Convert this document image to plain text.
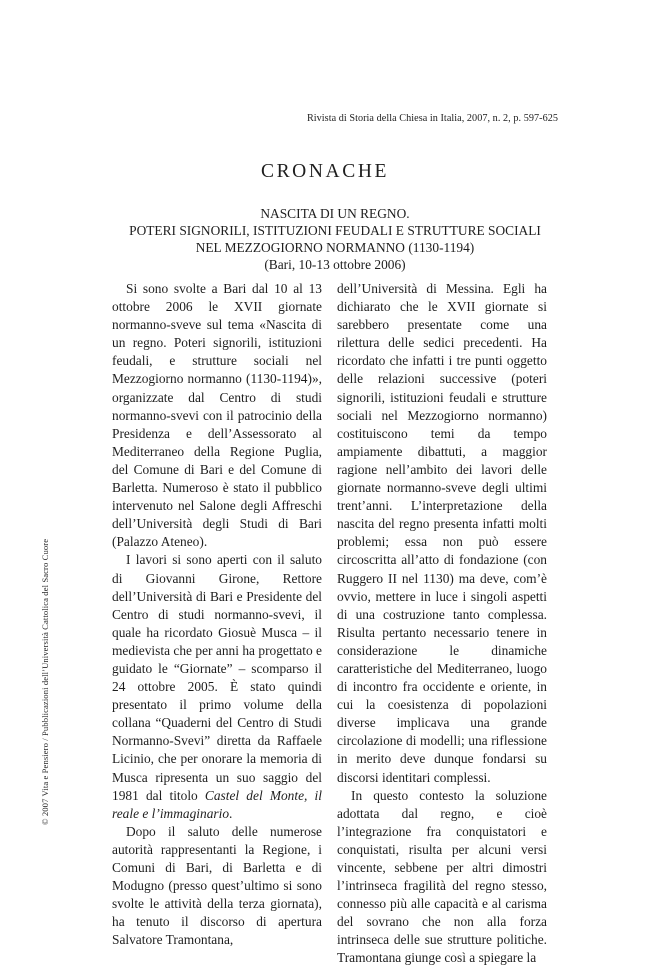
Rivista di Storia della Chiesa in Italia, 2007, n. 2, p. 597-625
CRONACHE
NASCITA DI UN REGNO.
POTERI SIGNORILI, ISTITUZIONI FEUDALI E STRUTTURE SOCIALI
NEL MEZZOGIORNO NORMANNO (1130-1194)
(Bari, 10-13 ottobre 2006)

Si sono svolte a Bari dal 10 al 13 ottobre 2006 le XVII giornate normanno-sveve sul tema «Nascita di un regno. Poteri signorili, istituzioni feudali, e strutture sociali nel Mezzogiorno normanno (1130-1194)», organizzate dal Centro di studi normanno-svevi con il patrocinio della Presidenza e dell’Assessorato al Mediterraneo della Regione Puglia, del Comune di Bari e del Comune di Barletta. Numeroso è stato il pubblico intervenuto nel Salone degli Affreschi dell’Università degli Studi di Bari (Palazzo Ateneo).

I lavori si sono aperti con il saluto di Giovanni Girone, Rettore dell’Università di Bari e Presidente del Centro di studi normanno-svevi, il quale ha ricordato Giosuè Musca – il medievista che per anni ha progettato e guidato le “Giornate” – scomparso il 24 ottobre 2005. È stato quindi presentato il primo volume della collana “Quaderni del Centro di Studi Normanno-Svevi” diretta da Raffaele Licinio, che per onorare la memoria di Musca ripresenta un suo saggio del 1981 dal titolo Castel del Monte, il reale e l’immaginario.

Dopo il saluto delle numerose autorità rappresentanti la Regione, i Comuni di Bari, di Barletta e di Modugno (presso quest’ultimo si sono svolte le attività della terza giornata), ha tenuto il discorso di apertura Salvatore Tramontana,

dell’Università di Messina. Egli ha dichiarato che le XVII giornate si sarebbero presentate come una rilettura delle sedici precedenti. Ha ricordato che infatti i tre punti oggetto delle relazioni successive (poteri signorili, istituzioni feudali e strutture sociali nel Mezzogiorno normanno) costituiscono temi da tempo ampiamente dibattuti, a maggior ragione nell’ambito dei lavori delle giornate normanno-sveve degli ultimi trent’anni. L’interpretazione della nascita del regno presenta infatti molti problemi; essa non può essere circoscritta all’atto di fondazione (con Ruggero II nel 1130) ma deve, com’è ovvio, mettere in luce i singoli aspetti di una costruzione tanto complessa. Risulta pertanto necessario tenere in considerazione le dinamiche caratteristiche del Mediterraneo, luogo di incontro fra occidente e oriente, in cui la coesistenza di popolazioni diverse implicava una grande circolazione di modelli; una riflessione in merito deve dunque fondarsi su discorsi identitari complessi.

In questo contesto la soluzione adottata dal regno, e cioè l’integrazione fra conquistatori e conquistati, risulta per alcuni versi vincente, sebbene per altri dimostri l’intrinseca fragilità del regno stesso, connesso più alle capacità e al carisma del sovrano che non alla forza intrinseca delle sue strutture politiche. Tramontana giunge così a spiegare la

© 2007 Vita e Pensiero / Pubblicazioni dell’Università Cattolica del Sacro Cuore
